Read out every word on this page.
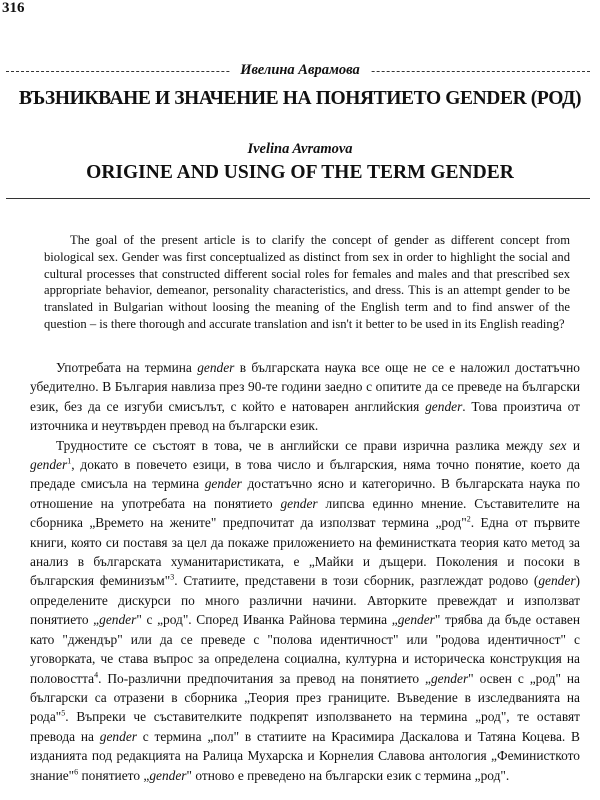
316
Ивелина Аврамова
ВЪЗНИКВАНЕ И ЗНАЧЕНИЕ НА ПОНЯТИЕТО GENDER (РОД)
Ivelina Avramova
ORIGINE AND USING OF THE TERM GENDER
The goal of the present article is to clarify the concept of gender as different concept from biological sex. Gender was first conceptualized as distinct from sex in order to highlight the social and cultural processes that constructed different social roles for females and males and that prescribed sex appropriate behavior, demeanor, personality characteristics, and dress. This is an attempt gender to be translated in Bulgarian without loosing the meaning of the English term and to find answer of the question – is there thorough and accurate translation and isn't it better to be used in its English reading?

Употребата на термина gender в българската наука все още не се е наложил достатъчно убедително. В България навлиза през 90-те години заедно с опитите да се преведе на български език, без да се изгуби смисълът, с който е натоварен английския gender. Това произтича от източника и неутвърден превод на български език.

Трудностите се състоят в това, че в английски се прави изрична разлика между sex и gender$^1$, докато в повечето езици, в това число и българския, няма точно понятие, което да предаде смисъла на термина gender достатъчно ясно и категорично. В българската наука по отношение на употребата на понятието gender липсва единно мнение. Съставителите на сборника „Времето на жените" предпочитат да използват термина „род"$^2$. Една от първите книги, която си поставя за цел да покаже приложението на феминистката теория като метод за анализ в българската хуманитаристиката, е „Майки и дъщери. Поколения и посоки в българския феминизъм"$^3$. Статиите, представени в този сборник, разглеждат родово (gender) определените дискурси по много различни начини. Авторките превеждат и използват понятието „gender" с „род". Според Иванка Райнова термина „gender" трябва да бъде оставен като "джендър" или да се преведе с "полова идентичност" или "родова идентичност" с уговорката, че става въпрос за определена социална, културна и историческа конструкция на половостта$^4$. По-различни предпочитания за превод на понятието „gender" освен с „род" на български са отразени в сборника „Теория през границите. Въведение в изследванията на рода"$^5$. Въпреки че съставителките подкрепят използването на термина „род", те оставят превода на gender с термина „пол" в статиите на Красимира Даскалова и Татяна Коцева. В изданията под редакцията на Ралица Мухарска и Корнелия Славова антология „Феминисткото знание"$^6$ понятието „gender" отново е преведено на български език с термина „род".
